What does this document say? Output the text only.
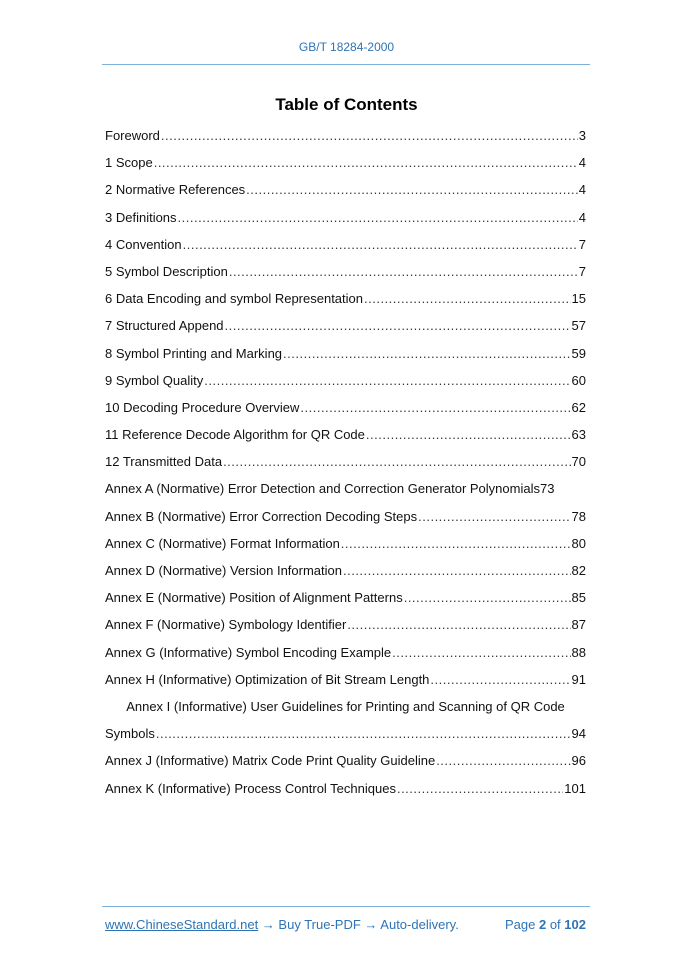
GB/T 18284-2000
Table of Contents
Foreword .....	3
1 Scope .....	4
2 Normative References .....	4
3 Definitions .....	4
4 Convention .....	7
5 Symbol Description .....	7
6 Data Encoding and symbol Representation .....	15
7 Structured Append .....	57
8 Symbol Printing and Marking .....	59
9 Symbol Quality .....	60
10 Decoding Procedure Overview .....	62
11 Reference Decode Algorithm for QR Code .....	63
12 Transmitted Data .....	70
Annex A (Normative) Error Detection and Correction Generator Polynomials 73
Annex B (Normative) Error Correction Decoding Steps .....	78
Annex C (Normative) Format Information .....	80
Annex D (Normative) Version Information .....	82
Annex E (Normative) Position of Alignment Patterns .....	85
Annex F (Normative) Symbology Identifier .....	87
Annex G (Informative) Symbol Encoding Example .....	88
Annex H (Informative) Optimization of Bit Stream Length .....	91
Annex I (Informative) User Guidelines for Printing and Scanning of QR Code
Symbols .....	94
Annex J (Informative) Matrix Code Print Quality Guideline .....	96
Annex K (Informative) Process Control Techniques .....	101
www.ChineseStandard.net → Buy True-PDF → Auto-delivery.	Page 2 of 102
